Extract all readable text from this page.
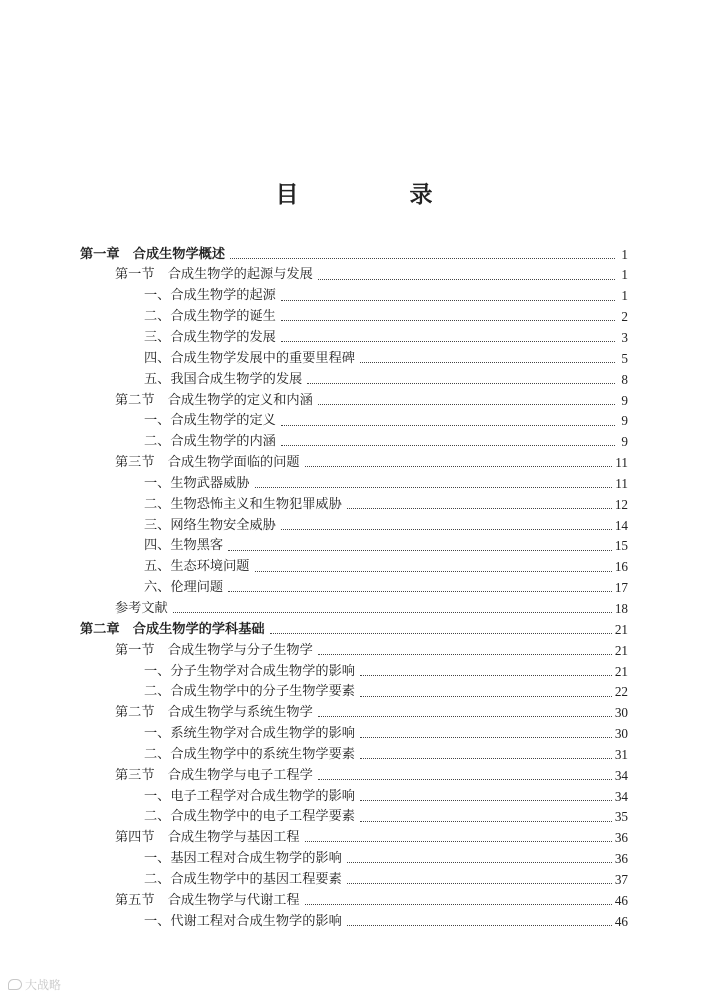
目　录
第一章　合成生物学概述	1
第一节　合成生物学的起源与发展	1
一、合成生物学的起源	1
二、合成生物学的诞生	2
三、合成生物学的发展	3
四、合成生物学发展中的重要里程碑	5
五、我国合成生物学的发展	8
第二节　合成生物学的定义和内涵	9
一、合成生物学的定义	9
二、合成生物学的内涵	9
第三节　合成生物学面临的问题	11
一、生物武器威胁	11
二、生物恐怖主义和生物犯罪威胁	12
三、网络生物安全威胁	14
四、生物黑客	15
五、生态环境问题	16
六、伦理问题	17
参考文献	18
第二章　合成生物学的学科基础	21
第一节　合成生物学与分子生物学	21
一、分子生物学对合成生物学的影响	21
二、合成生物学中的分子生物学要素	22
第二节　合成生物学与系统生物学	30
一、系统生物学对合成生物学的影响	30
二、合成生物学中的系统生物学要素	31
第三节　合成生物学与电子工程学	34
一、电子工程学对合成生物学的影响	34
二、合成生物学中的电子工程学要素	35
第四节　合成生物学与基因工程	36
一、基因工程对合成生物学的影响	36
二、合成生物学中的基因工程要素	37
第五节　合成生物学与代谢工程	46
一、代谢工程对合成生物学的影响	46
大战略
